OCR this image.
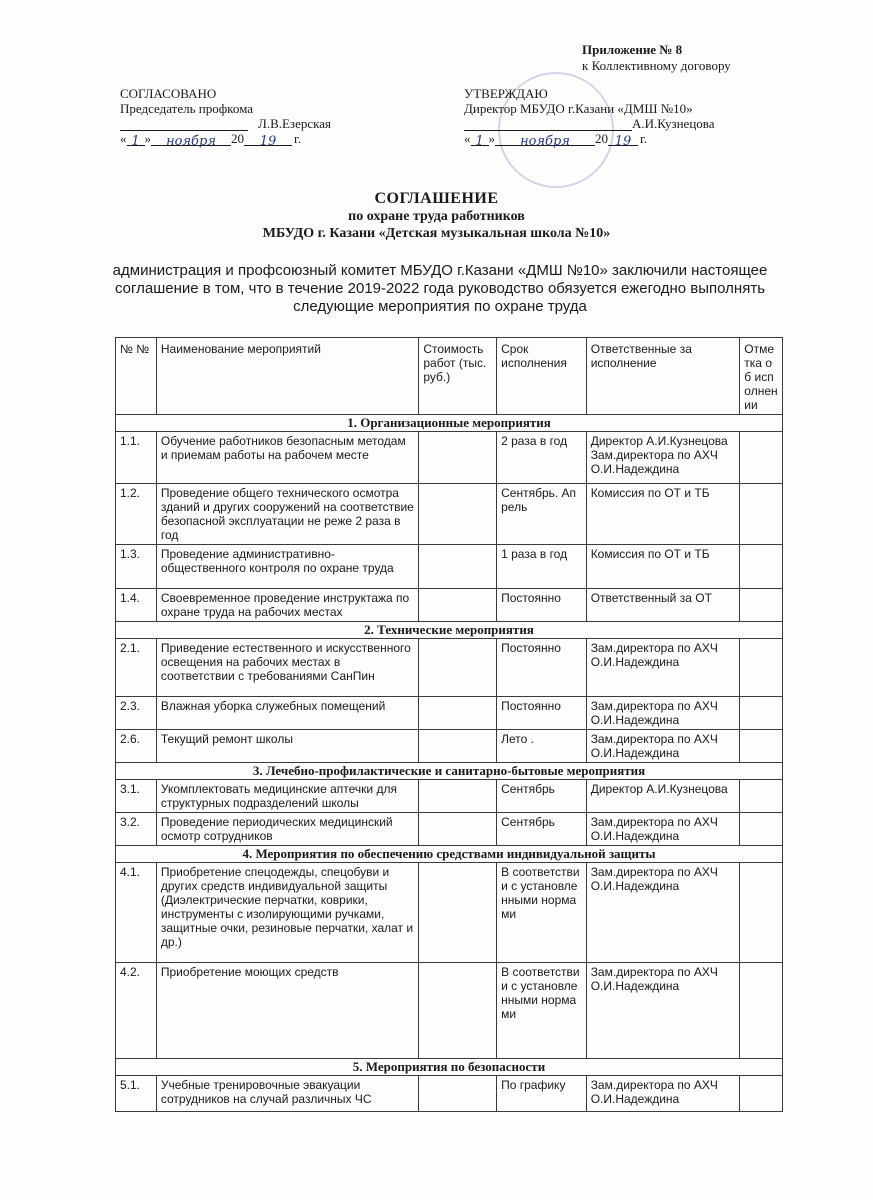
Приложение № 8
к Коллективному договору
СОГЛАСОВАНО
Председатель профкома
Л.В.Езерская
« 1 »	ноября	20	19	г.
УТВЕРЖДАЮ
Директор МБУДО г.Казани «ДМШ №10»
А.И.Кузнецова
« 1 »	ноября	20 19 г.
СОГЛАШЕНИЕ
по охране труда работников
МБУДО г. Казани «Детская музыкальная школа №10»
администрация и профсоюзный комитет МБУДО г.Казани «ДМШ №10» заключили настоящее соглашение в том, что в течение 2019-2022 года руководство обязуется ежегодно выполнять следующие мероприятия по охране труда
№ №	Наименование мероприятий	Стоимость работ (тыс.руб.)	Срок исполнения	Ответственные за исполнение	Отметка об исполнении
1. Организационные мероприятия					
1.1.	Обучение работников безопасным методам и приемам работы на рабочем месте		2 раза в год	Директор А.И.Кузнецова Зам.директора по АХЧ О.И.Надеждина	
1.2.	Проведение общего технического осмотра зданий и других сооружений на соответствие безопасной эксплуатации не реже 2 раза в год		Сентябрь. Апрель	Комиссия по ОТ и ТБ	
1.3.	Проведение административно-общественного контроля по охране труда		1 раза в год	Комиссия по ОТ и ТБ	
1.4.	Своевременное проведение инструктажа по охране труда на рабочих местах		Постоянно	Ответственный за ОТ	
2. Технические мероприятия					
2.1.	Приведение естественного и искусственного освещения на рабочих местах в соответствии с требованиями СанПин		Постоянно	Зам.директора по АХЧ О.И.Надеждина	
2.3.	Влажная уборка служебных помещений		Постоянно	Зам.директора по АХЧ О.И.Надеждина	
2.6.	Текущий ремонт школы		Лето .	Зам.директора по АХЧ О.И.Надеждина	
3. Лечебно-профилактические и санитарно-бытовые мероприятия					
3.1.	Укомплектовать медицинские аптечки для структурных подразделений школы		Сентябрь	Директор А.И.Кузнецова	
3.2.	Проведение периодических медицинский осмотр сотрудников		Сентябрь	Зам.директора по АХЧ О.И.Надеждина	
4. Мероприятия по обеспечению средствами индивидуальной защиты					
4.1.	Приобретение спецодежды, спецобуви и других средств индивидуальной защиты (Диэлектрические перчатки, коврики, инструменты с изолирующими ручками, защитные очки, резиновые перчатки, халат и др.)		В соответствии с установленными нормами	Зам.директора по АХЧ О.И.Надеждина	
4.2.	Приобретение моющих средств		В соответствии с установленными нормами	Зам.директора по АХЧ О.И.Надеждина	
5. Мероприятия по безопасности					
5.1.	Учебные тренировочные эвакуации сотрудников на случай различных ЧС		По графику	Зам.директора по АХЧ О.И.Надеждина	
